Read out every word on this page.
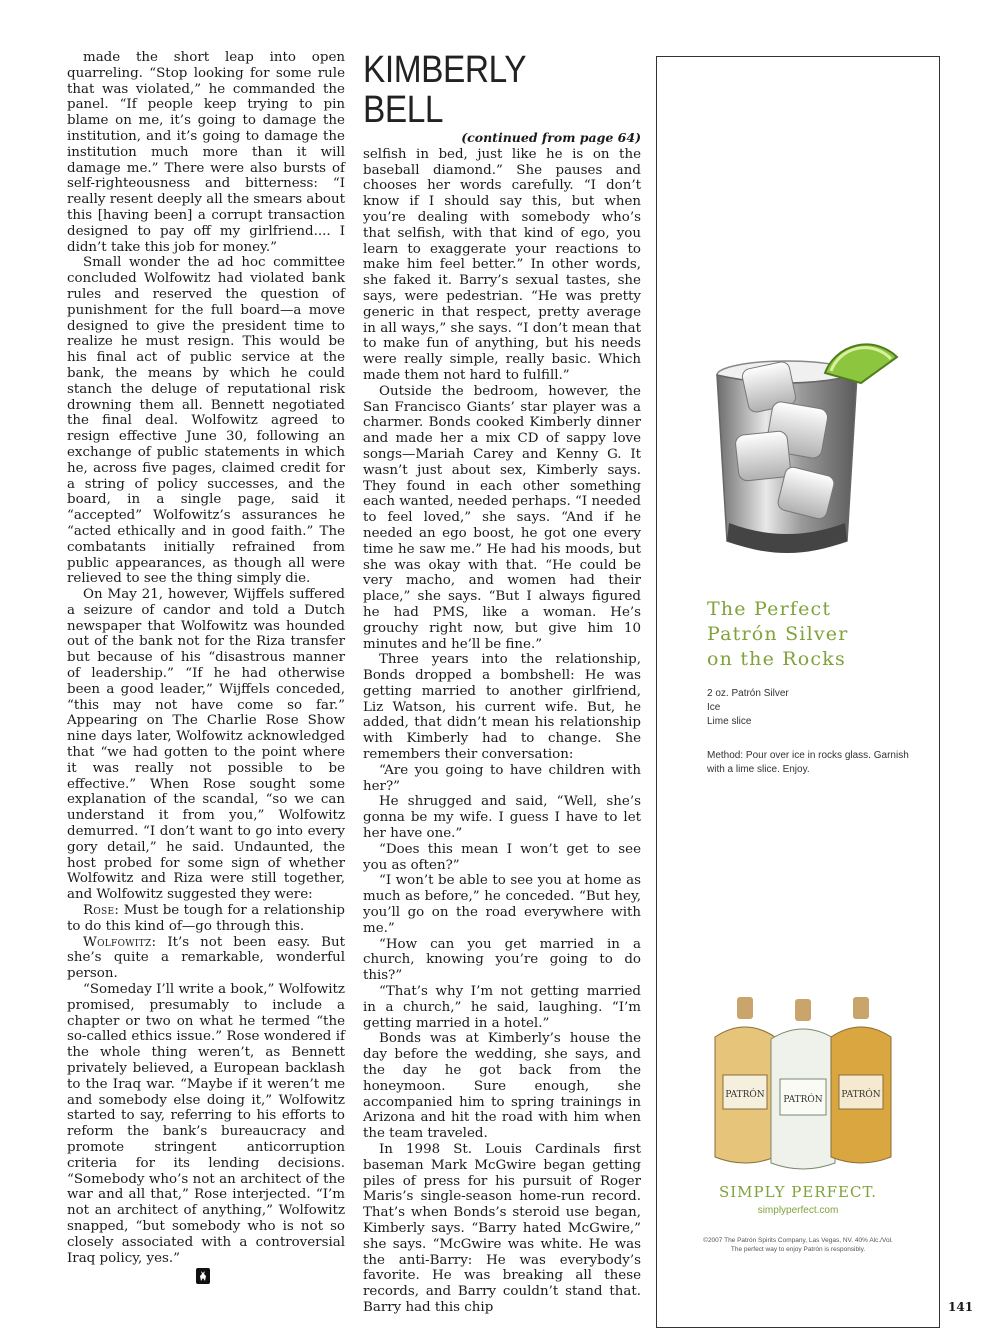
made the short leap into open quarreling. “Stop looking for some rule that was violated,” he commanded the panel. “If people keep trying to pin blame on me, it’s going to damage the institution, and it’s going to damage the institution much more than it will damage me.” There were also bursts of self-righteousness and bitterness: “I really resent deeply all the smears about this [having been] a corrupt transaction designed to pay off my girlfriend.... I didn’t take this job for money.”

Small wonder the ad hoc committee concluded Wolfowitz had violated bank rules and reserved the question of punishment for the full board—a move designed to give the president time to realize he must resign. This would be his final act of public service at the bank, the means by which he could stanch the deluge of reputational risk drowning them all. Bennett negotiated the final deal. Wolfowitz agreed to resign effective June 30, following an exchange of public statements in which he, across five pages, claimed credit for a string of policy successes, and the board, in a single page, said it “accepted” Wolfowitz’s assurances he “acted ethically and in good faith.” The combatants initially refrained from public appearances, as though all were relieved to see the thing simply die.

On May 21, however, Wijffels suffered a seizure of candor and told a Dutch newspaper that Wolfowitz was hounded out of the bank not for the Riza transfer but because of his “disastrous manner of leadership.” “If he had otherwise been a good leader,” Wijffels conceded, “this may not have come so far.” Appearing on The Charlie Rose Show nine days later, Wolfowitz acknowledged that “we had gotten to the point where it was really not possible to be effective.” When Rose sought some explanation of the scandal, “so we can understand it from you,” Wolfowitz demurred. “I don’t want to go into every gory detail,” he said. Undaunted, the host probed for some sign of whether Wolfowitz and Riza were still together, and Wolfowitz suggested they were:

Rose: Must be tough for a relationship to do this kind of—go through this.

Wolfowitz: It’s not been easy. But she’s quite a remarkable, wonderful person.

“Someday I’ll write a book,” Wolfowitz promised, presumably to include a chapter or two on what he termed “the so-called ethics issue.” Rose wondered if the whole thing weren’t, as Bennett privately believed, a European backlash to the Iraq war. “Maybe if it weren’t me and somebody else doing it,” Wolfowitz started to say, referring to his efforts to reform the bank’s bureaucracy and promote stringent anticorruption criteria for its lending decisions. “Somebody who’s not an architect of the war and all that,” Rose interjected. “I’m not an architect of anything,” Wolfowitz snapped, “but somebody who is not so closely associated with a controversial Iraq policy, yes.”

KIMBERLY BELL
(continued from page 64)

selfish in bed, just like he is on the baseball diamond.” She pauses and chooses her words carefully. “I don’t know if I should say this, but when you’re dealing with somebody who’s that selfish, with that kind of ego, you learn to exaggerate your reactions to make him feel better.” In other words, she faked it. Barry’s sexual tastes, she says, were pedestrian. “He was pretty generic in that respect, pretty average in all ways,” she says. “I don’t mean that to make fun of anything, but his needs were really simple, really basic. Which made them not hard to fulfill.”

Outside the bedroom, however, the San Francisco Giants’ star player was a charmer. Bonds cooked Kimberly dinner and made her a mix CD of sappy love songs—Mariah Carey and Kenny G. It wasn’t just about sex, Kimberly says. They found in each other something each wanted, needed perhaps. “I needed to feel loved,” she says. “And if he needed an ego boost, he got one every time he saw me.” He had his moods, but she was okay with that. “He could be very macho, and women had their place,” she says. “But I always figured he had PMS, like a woman. He’s grouchy right now, but give him 10 minutes and he’ll be fine.”

Three years into the relationship, Bonds dropped a bombshell: He was getting married to another girlfriend, Liz Watson, his current wife. But, he added, that didn’t mean his relationship with Kimberly had to change. She remembers their conversation:

“Are you going to have children with her?”

He shrugged and said, “Well, she’s gonna be my wife. I guess I have to let her have one.”

“Does this mean I won’t get to see you as often?”

“I won’t be able to see you at home as much as before,” he conceded. “But hey, you’ll go on the road everywhere with me.”

“How can you get married in a church, knowing you’re going to do this?”

“That’s why I’m not getting married in a church,” he said, laughing. “I’m getting married in a hotel.”

Bonds was at Kimberly’s house the day before the wedding, she says, and the day he got back from the honeymoon. Sure enough, she accompanied him to spring trainings in Arizona and hit the road with him when the team traveled.

In 1998 St. Louis Cardinals first baseman Mark McGwire began getting piles of press for his pursuit of Roger Maris’s single-season home-run record. That’s when Bonds’s steroid use began, Kimberly says. “Barry hated McGwire,” she says. “McGwire was white. He was the anti-Barry: He was everybody’s favorite. He was breaking all these records, and Barry couldn’t stand that. Barry had this chip

The Perfect
Patrón Silver
on the Rocks
2 oz. Patrón Silver
Ice
Lime slice
Method: Pour over ice in rocks glass. Garnish with a lime slice. Enjoy.
PATRÓN PATRÓN PATRÓN
SIMPLY PERFECT.
simplyperfect.com
©2007 The Patrón Spirits Company, Las Vegas, NV. 40% Alc./Vol.
The perfect way to enjoy Patrón is responsibly.
141
